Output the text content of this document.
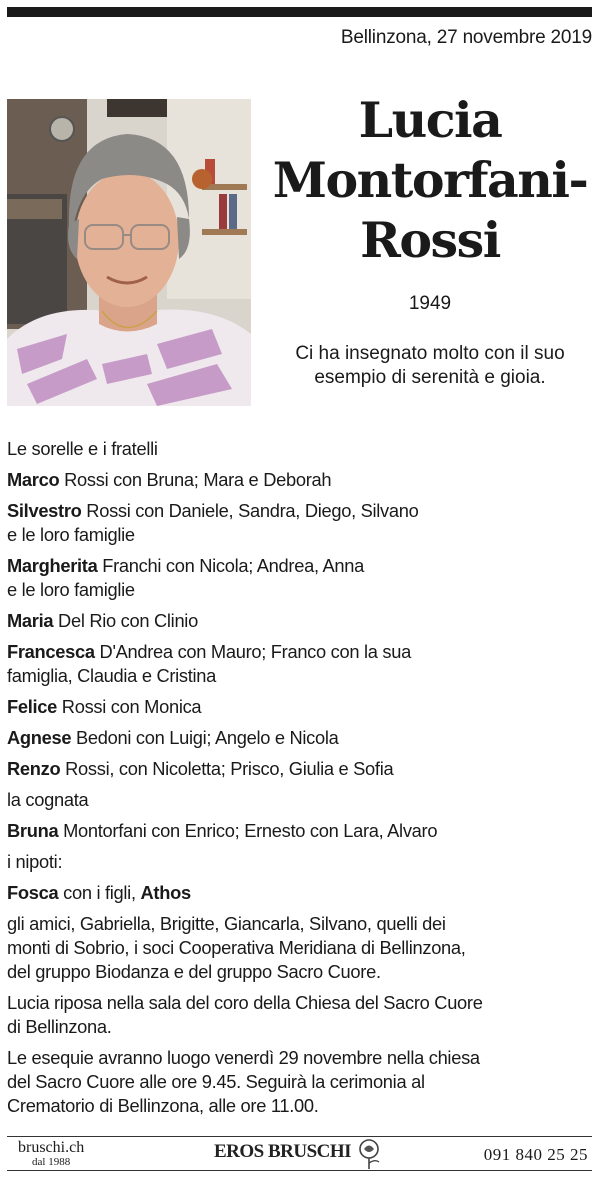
Bellinzona, 27 novembre 2019
Lucia
Montorfani-
Rossi
1949
Ci ha insegnato molto con il suo
esempio di serenità e gioia.

Le sorelle e i fratelli

Marco Rossi con Bruna; Mara e Deborah

Silvestro Rossi con Daniele, Sandra, Diego, Silvano
e le loro famiglie

Margherita Franchi con Nicola; Andrea, Anna
e le loro famiglie

Maria Del Rio con Clinio

Francesca D'Andrea con Mauro; Franco con la sua
famiglia, Claudia e Cristina

Felice Rossi con Monica

Agnese Bedoni con Luigi; Angelo e Nicola

Renzo Rossi, con Nicoletta; Prisco, Giulia e Sofia

la cognata

Bruna Montorfani con Enrico; Ernesto con Lara, Alvaro

i nipoti:

Fosca con i figli, Athos

gli amici, Gabriella, Brigitte, Giancarla, Silvano, quelli dei
monti di Sobrio, i soci Cooperativa Meridiana di Bellinzona,
del gruppo Biodanza e del gruppo Sacro Cuore.

Lucia riposa nella sala del coro della Chiesa del Sacro Cuore
di Bellinzona.

Le esequie avranno luogo venerdì 29 novembre nella chiesa
del Sacro Cuore alle ore 9.45. Seguirà la cerimonia al
Crematorio di Bellinzona, alle ore 11.00.

bruschi.ch
dal 1988	EROS BRUSCHI	091 840 25 25
